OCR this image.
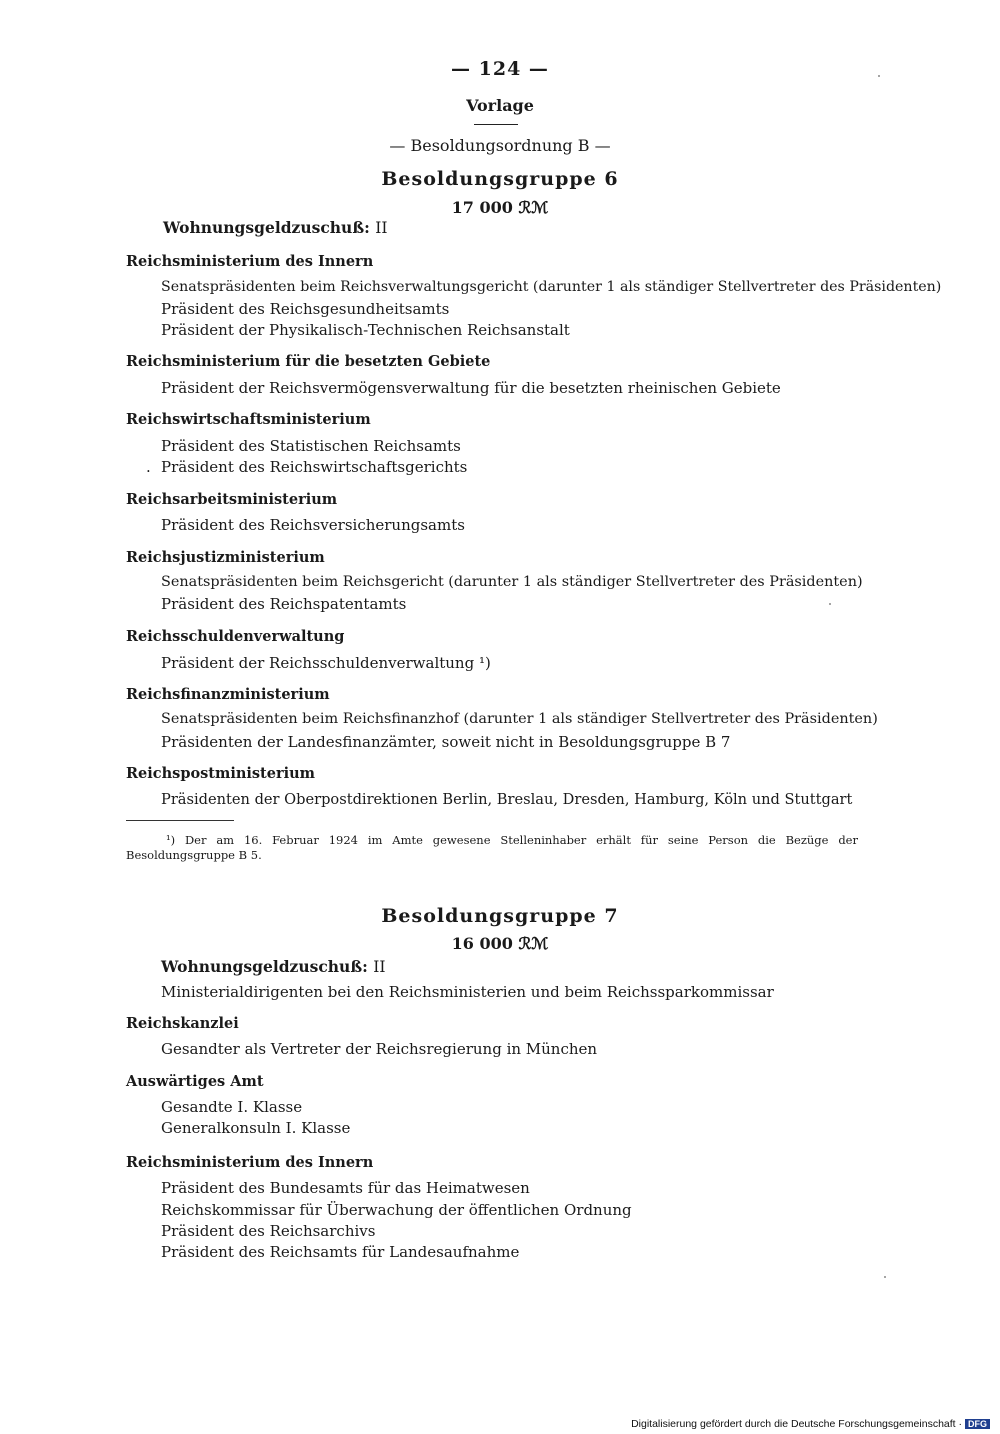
— 124 —
Vorlage
— Besoldungsordnung B —
Besoldungsgruppe 6
17 000 ℛℳ
Wohnungsgeldzuschuß: II
Reichsministerium des Innern
Senatspräsidenten beim Reichsverwaltungsgericht (darunter 1 als ständiger Stellvertreter des Präsidenten)
Präsident des Reichsgesundheitsamts
Präsident der Physikalisch-Technischen Reichsanstalt
Reichsministerium für die besetzten Gebiete
Präsident der Reichsvermögensverwaltung für die besetzten rheinischen Gebiete
Reichswirtschaftsministerium
Präsident des Statistischen Reichsamts
. Präsident des Reichswirtschaftsgerichts
Reichsarbeitsministerium
Präsident des Reichsversicherungsamts
Reichsjustizministerium
Senatspräsidenten beim Reichsgericht (darunter 1 als ständiger Stellvertreter des Präsidenten)
Präsident des Reichspatentamts
Reichsschuldenverwaltung
Präsident der Reichsschuldenverwaltung ¹)
Reichsfinanzministerium
Senatspräsidenten beim Reichsfinanzhof (darunter 1 als ständiger Stellvertreter des Präsidenten)
Präsidenten der Landesfinanzämter, soweit nicht in Besoldungsgruppe B 7
Reichspostministerium
Präsidenten der Oberpostdirektionen Berlin, Breslau, Dresden, Hamburg, Köln und Stuttgart
¹) Der am 16. Februar 1924 im Amte gewesene Stelleninhaber erhält für seine Person die Bezüge der Besoldungsgruppe B 5.
Besoldungsgruppe 7
16 000 ℛℳ
Wohnungsgeldzuschuß: II
Ministerialdirigenten bei den Reichsministerien und beim Reichssparkommissar
Reichskanzlei
Gesandter als Vertreter der Reichsregierung in München
Auswärtiges Amt
Gesandte I. Klasse
Generalkonsuln I. Klasse
Reichsministerium des Innern
Präsident des Bundesamts für das Heimatwesen
Reichskommissar für Überwachung der öffentlichen Ordnung
Präsident des Reichsarchivs
Präsident des Reichsamts für Landesaufnahme
Digitalisierung gefördert durch die Deutsche Forschungsgemeinschaft · DFG
